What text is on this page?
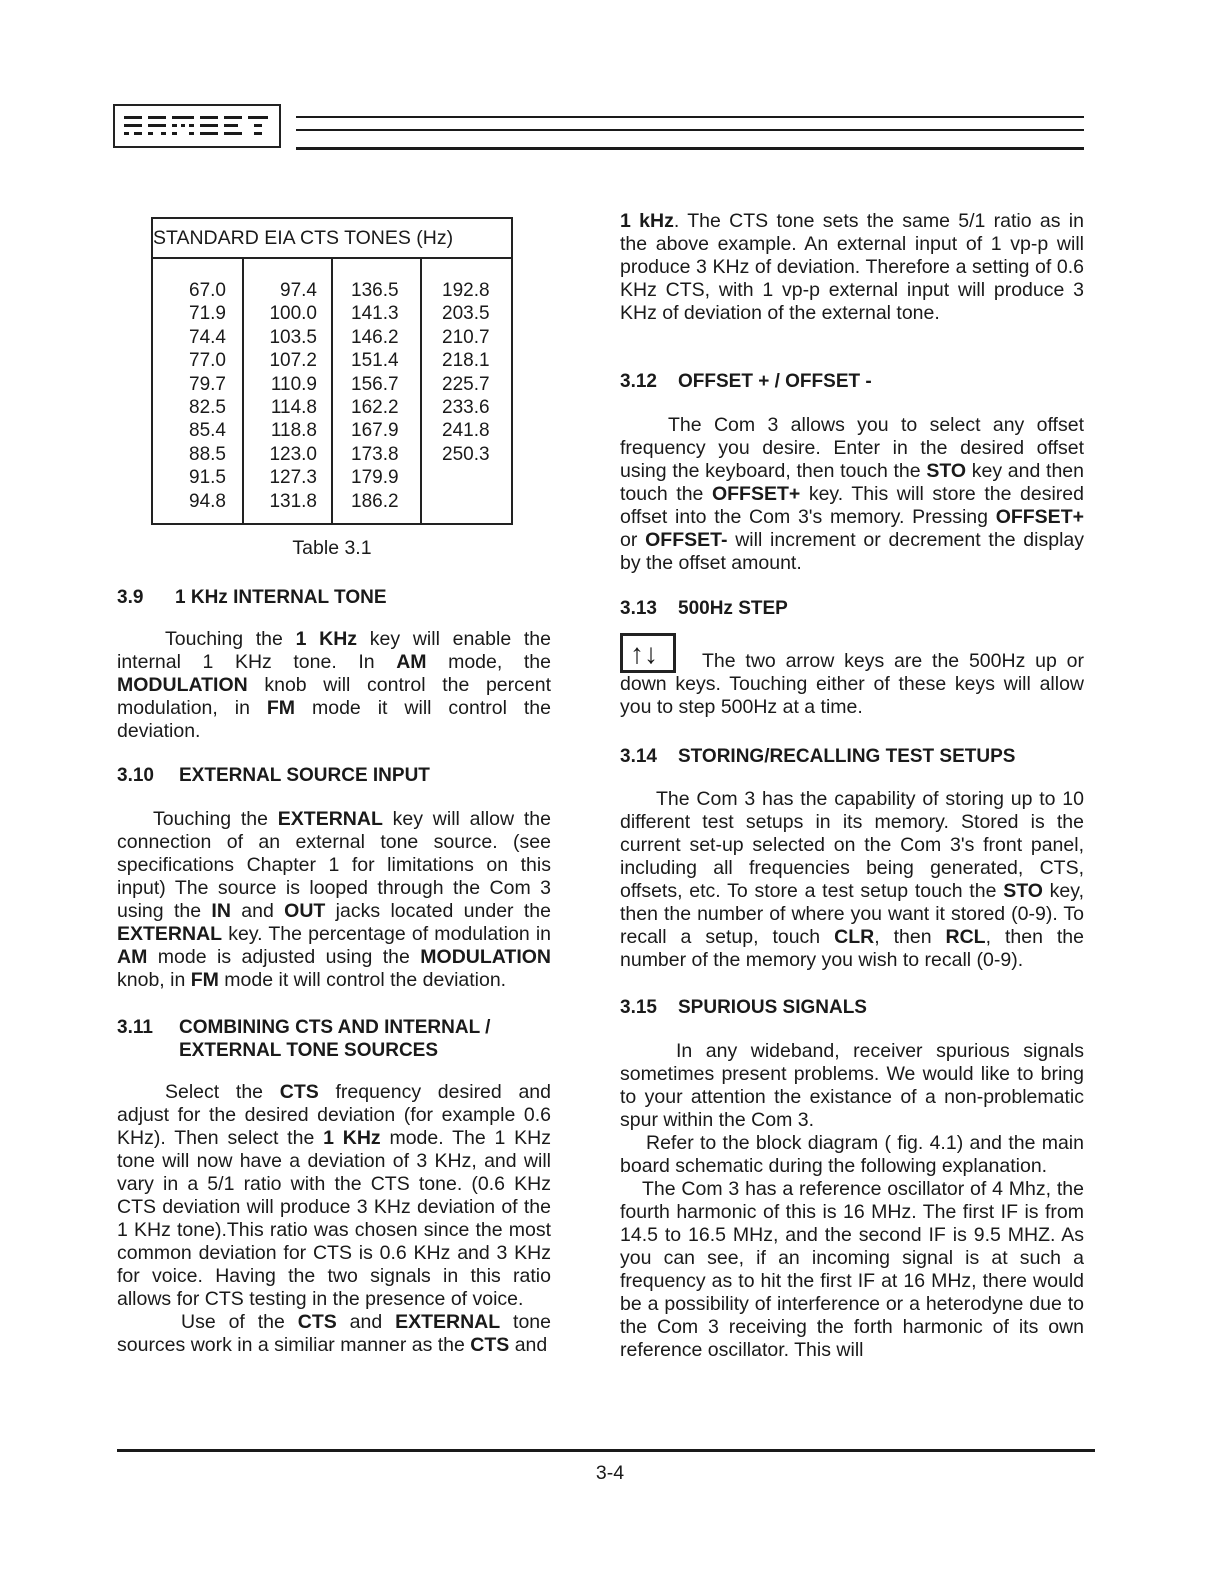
STANDARD EIA CTS TONES (Hz)
67.0
71.9
74.4
77.0
79.7
82.5
85.4
88.5
91.5
94.8
97.4
100.0
103.5
107.2
110.9
114.8
118.8
123.0
127.3
131.8
136.5
141.3
146.2
151.4
156.7
162.2
167.9
173.8
179.9
186.2
192.8
203.5
210.7
218.1
225.7
233.6
241.8
250.3
Table 3.1
3.9 1 KHz INTERNAL TONE

Touching the 1 KHz key will enable the internal 1 KHz tone. In AM mode, the MODULATION knob will control the percent modulation, in FM mode it will control the deviation.

3.10 EXTERNAL SOURCE INPUT

Touching the EXTERNAL key will allow the connection of an external tone source. (see specifications Chapter 1 for limitations on this input) The source is looped through the Com 3 using the IN and OUT jacks located under the EXTERNAL key. The percentage of modulation in AM mode is adjusted using the MODULATION knob, in FM mode it will control the deviation.

3.11 COMBINING CTS AND INTERNAL /
EXTERNAL TONE SOURCES

Select the CTS frequency desired and adjust for the desired deviation (for example 0.6 KHz). Then select the 1 KHz mode. The 1 KHz tone will now have a deviation of 3 KHz, and will vary in a 5/1 ratio with the CTS tone. (0.6 KHz CTS deviation will produce 3 KHz deviation of the 1 KHz tone).This ratio was chosen since the most common deviation for CTS is 0.6 KHz and 3 KHz for voice. Having the two signals in this ratio allows for CTS testing in the presence of voice.

Use of the CTS and EXTERNAL tone sources work in a similiar manner as the CTS and

1 kHz. The CTS tone sets the same 5/1 ratio as in the above example. An external input of 1 vp-p will produce 3 KHz of deviation. Therefore a setting of 0.6 KHz CTS, with 1 vp-p external input will produce 3 KHz of deviation of the external tone.

3.12 OFFSET + / OFFSET -

The Com 3 allows you to select any offset frequency you desire. Enter in the desired offset using the keyboard, then touch the STO key and then touch the OFFSET+ key. This will store the desired offset into the Com 3's memory. Pressing OFFSET+ or OFFSET- will increment or decrement the display by the offset amount.

3.13 500Hz STEP

↑↓ The two arrow keys are the 500Hz up or down keys. Touching either of these keys will allow you to step 500Hz at a time.

3.14 STORING/RECALLING TEST SETUPS

The Com 3 has the capability of storing up to 10 different test setups in its memory. Stored is the current set-up selected on the Com 3's front panel, including all frequencies being generated, CTS, offsets, etc. To store a test setup touch the STO key, then the number of where you want it stored (0-9). To recall a setup, touch CLR, then RCL, then the number of the memory you wish to recall (0-9).

3.15 SPURIOUS SIGNALS

In any wideband, receiver spurious signals sometimes present problems. We would like to bring to your attention the existance of a non-problematic spur within the Com 3.

Refer to the block diagram ( fig. 4.1) and the main board schematic during the following explanation.

The Com 3 has a reference oscillator of 4 Mhz, the fourth harmonic of this is 16 MHz. The first IF is from 14.5 to 16.5 MHz, and the second IF is 9.5 MHZ. As you can see, if an incoming signal is at such a frequency as to hit the first IF at 16 MHz, there would be a possibility of interference or a heterodyne due to the Com 3 receiving the forth harmonic of its own reference oscillator. This will

3-4
